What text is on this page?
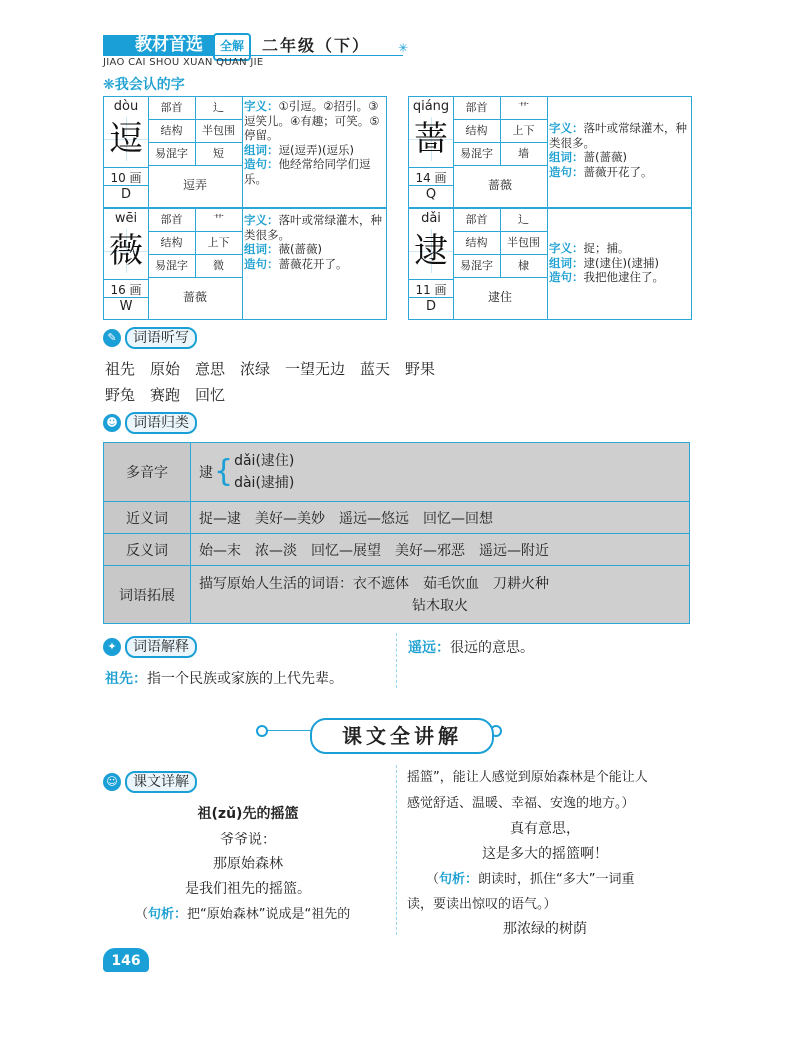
教材首选	全解	二年级（下） ✳
JIAO CAI SHOU XUAN QUAN JIE
❋我会认的字
dòu
逗
10 画
D
部首	辶
结构	半包围
易混字	短
逗弄
字义：①引逗。②招引。③逗笑儿。④有趣；可笑。⑤停留。
组词：逗(逗弄)(逗乐)
造句：他经常给同学们逗乐。
qiáng
蔷
14 画
Q
部首	艹
结构	上下
易混字	墙
蔷薇
字义：落叶或常绿灌木，种类很多。
组词：蔷(蔷薇)
造句：蔷薇开花了。
wēi
薇
16 画
W
部首	艹
结构	上下
易混字	微
蔷薇
字义：落叶或常绿灌木，种类很多。
组词：薇(蔷薇)
造句：蔷薇花开了。
dǎi
逮
11 画
D
部首	辶
结构	半包围
易混字	棣
逮住
字义：捉；捕。
组词：逮(逮住)(逮捕)
造句：我把他逮住了。
✎	词语听写
祖先　原始　意思　浓绿　一望无边　蓝天　野果
野兔　赛跑　回忆
☻	词语归类
多音字	逮 { dǎi(逮住)
dài(逮捕)

近义词	捉—逮　美好—美妙　遥远—悠远　回忆—回想
反义词	始—末　浓—淡　回忆—展望　美好—邪恶　遥远—附近
词语拓展	描写原始人生活的词语：衣不遮体　茹毛饮血　刀耕火种
钻木取火
✦	词语解释
祖先：指一个民族或家族的上代先辈。
遥远：很远的意思。
课文全讲解
☺	课文详解
祖(zǔ)先的摇篮
爷爷说：
那原始森林
是我们祖先的摇篮。
（句析：把“原始森林”说成是“祖先的
摇篮”，能让人感觉到原始森林是个能让人
感觉舒适、温暖、幸福、安逸的地方。）
真有意思，
这是多大的摇篮啊！
（句析：朗读时，抓住“多大”一词重
读，要读出惊叹的语气。）
那浓绿的树荫
146
